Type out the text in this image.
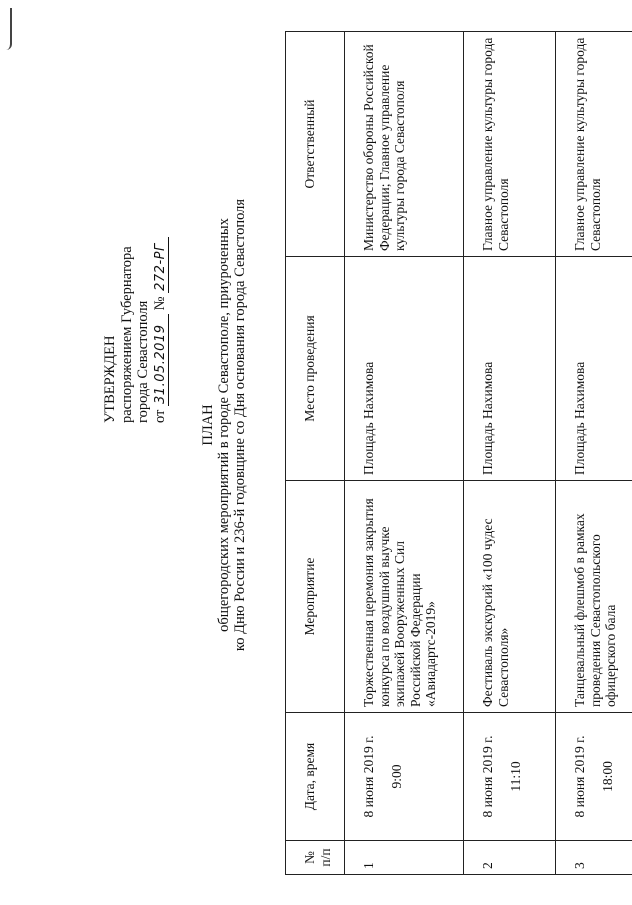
УТВЕРЖДЕН распоряжением Губернатора города Севастополя от 31.05.2019 № 272-РГ
ПЛАН общегородских мероприятий в городе Севастополе, приуроченных ко Дню России и 236-й годовщине со Дня основания города Севастополя
№ п/п	Дата, время	Мероприятие	Место проведения	Ответственный
1	8 июня 2019 г. 9:00	Торжественная церемония закрытия конкурса по воздушной выучке экипажей Вооруженных Сил Российской Федерации «Авиадартс-2019»	Площадь Нахимова	Министерство обороны Российской Федерации; Главное управление культуры города Севастополя
2	8 июня 2019 г. 11:10	Фестиваль экскурсий «100 чудес Севастополя»	Площадь Нахимова	Главное управление культуры города Севастополя
3	8 июня 2019 г. 18:00	Танцевальный флешмоб в рамках проведения Севастопольского офицерского бала	Площадь Нахимова	Главное управление культуры города Севастополя
